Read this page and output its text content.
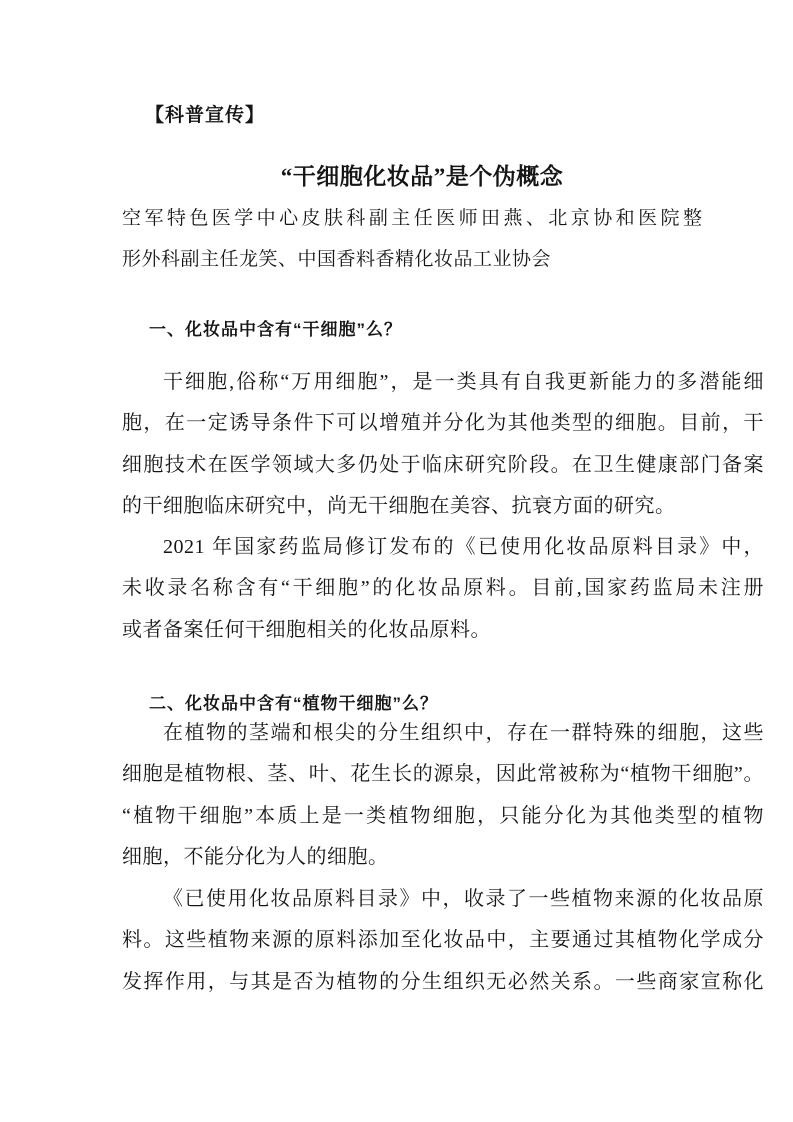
【科普宣传】
“干细胞化妆品”是个伪概念
空军特色医学中心皮肤科副主任医师田燕、北京协和医院整
形外科副主任龙笑、中国香料香精化妆品工业协会
一、化妆品中含有“干细胞”么？
干细胞,俗称“万用细胞”，是一类具有自我更新能力的多潜能细
胞，在一定诱导条件下可以增殖并分化为其他类型的细胞。目前，干
细胞技术在医学领域大多仍处于临床研究阶段。在卫生健康部门备案
的干细胞临床研究中，尚无干细胞在美容、抗衰方面的研究。
2021 年国家药监局修订发布的《已使用化妆品原料目录》中，
未收录名称含有“干细胞”的化妆品原料。目前,国家药监局未注册
或者备案任何干细胞相关的化妆品原料。
二、化妆品中含有“植物干细胞”么？
在植物的茎端和根尖的分生组织中，存在一群特殊的细胞，这些
细胞是植物根、茎、叶、花生长的源泉，因此常被称为“植物干细胞”。
“植物干细胞”本质上是一类植物细胞，只能分化为其他类型的植物
细胞，不能分化为人的细胞。
《已使用化妆品原料目录》中，收录了一些植物来源的化妆品原
料。这些植物来源的原料添加至化妆品中，主要通过其植物化学成分
发挥作用，与其是否为植物的分生组织无必然关系。一些商家宣称化
